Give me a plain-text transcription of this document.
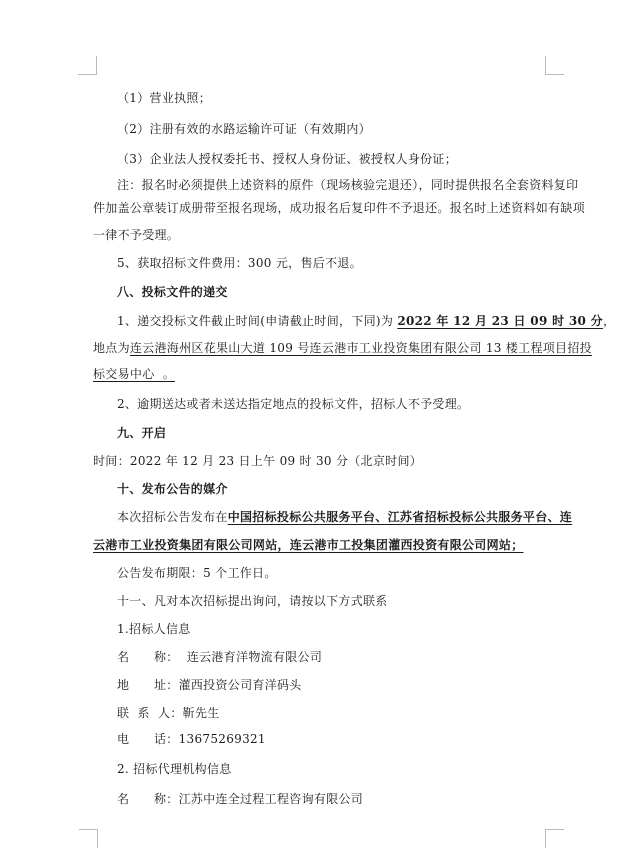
（1）营业执照；
（2）注册有效的水路运输许可证（有效期内）
（3）企业法人授权委托书、授权人身份证、被授权人身份证；
注：报名时必须提供上述资料的原件（现场核验完退还），同时提供报名全套资料复印
件加盖公章装订成册带至报名现场，成功报名后复印件不予退还。报名时上述资料如有缺项
一律不予受理。
5、获取招标文件费用：300 元，售后不退。
八、投标文件的递交
1、递交投标文件截止时间(申请截止时间，下同)为 2022 年 12 月 23 日 09 时 30 分，
地点为连云港海州区花果山大道 109 号连云港市工业投资集团有限公司 13 楼工程项目招投
标交易中心  。
2、逾期送达或者未送达指定地点的投标文件，招标人不予受理。
九、开启
时间：2022 年 12 月 23 日上午 09 时 30 分（北京时间）
十、发布公告的媒介
本次招标公告发布在中国招标投标公共服务平台、江苏省招标投标公共服务平台、连
云港市工业投资集团有限公司网站，连云港市工投集团灌西投资有限公司网站；
公告发布期限：5 个工作日。
十一、凡对本次招标提出询问，请按以下方式联系
1.招标人信息
名      称：  连云港育洋物流有限公司
地      址：灌西投资公司育洋码头
联  系  人：靳先生
电      话：13675269321
2. 招标代理机构信息
名      称：江苏中连全过程工程咨询有限公司
